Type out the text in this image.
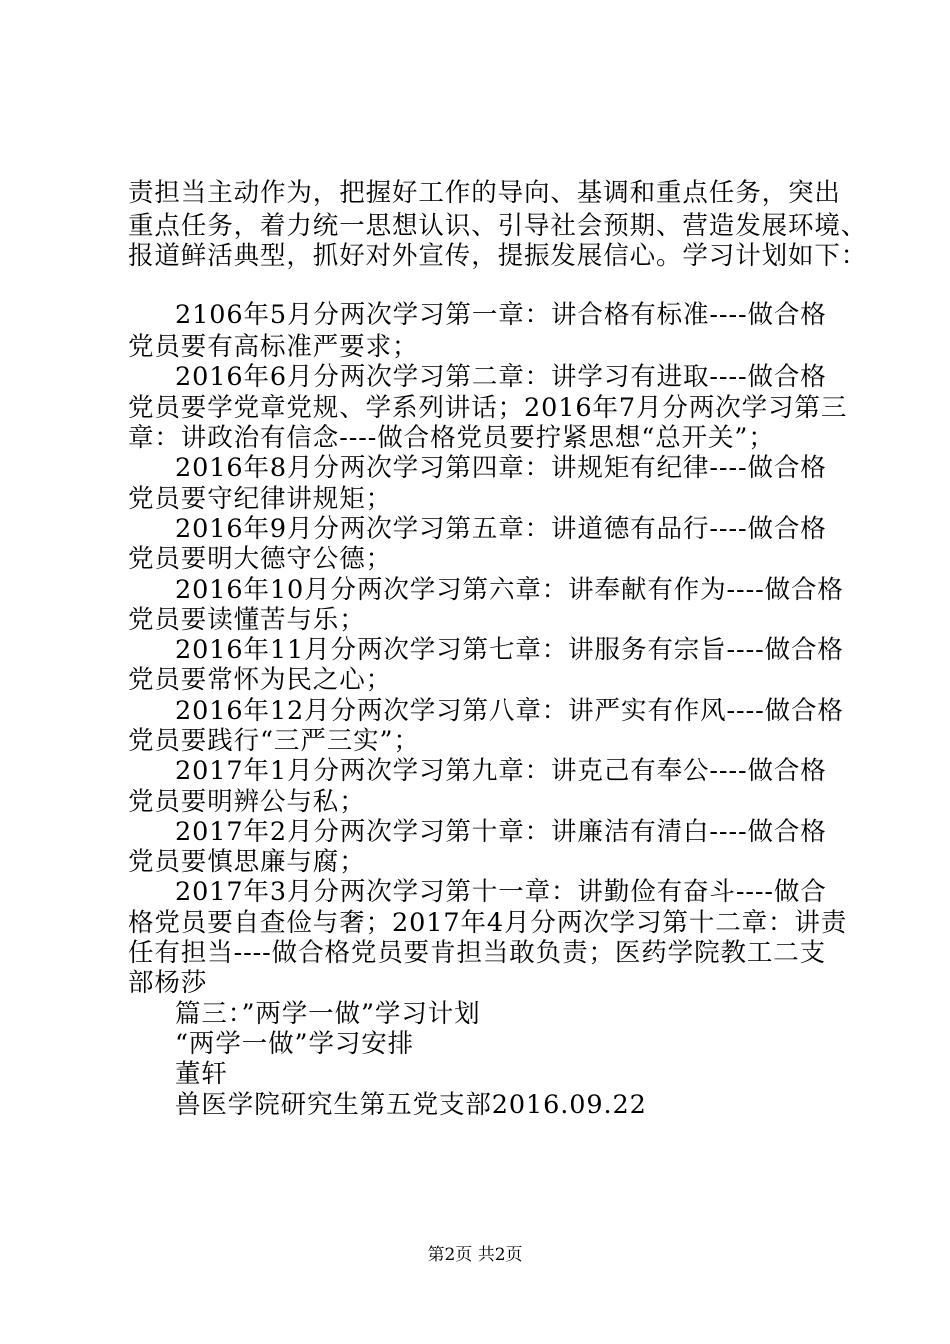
责担当主动作为，把握好工作的导向、基调和重点任务，突出
重点任务，着力统一思想认识、引导社会预期、营造发展环境、
报道鲜活典型，抓好对外宣传，提振发展信心。学习计划如下：
2106年5月分两次学习第一章：讲合格有标准----做合格
党员要有高标准严要求；
2016年6月分两次学习第二章：讲学习有进取----做合格
党员要学党章党规、学系列讲话；2016年7月分两次学习第三
章：讲政治有信念----做合格党员要拧紧思想“总开关”；
2016年8月分两次学习第四章：讲规矩有纪律----做合格
党员要守纪律讲规矩；
2016年9月分两次学习第五章：讲道德有品行----做合格
党员要明大德守公德；
2016年10月分两次学习第六章：讲奉献有作为----做合格
党员要读懂苦与乐；
2016年11月分两次学习第七章：讲服务有宗旨----做合格
党员要常怀为民之心；
2016年12月分两次学习第八章：讲严实有作风----做合格
党员要践行“三严三实”；
2017年1月分两次学习第九章：讲克己有奉公----做合格
党员要明辨公与私；
2017年2月分两次学习第十章：讲廉洁有清白----做合格
党员要慎思廉与腐；
2017年3月分两次学习第十一章：讲勤俭有奋斗----做合
格党员要自查俭与奢；2017年4月分两次学习第十二章：讲责
任有担当----做合格党员要肯担当敢负责；医药学院教工二支
部杨莎
篇三：”两学一做”学习计划
“两学一做”学习安排
董轩
兽医学院研究生第五党支部2016.09.22
第2页 共2页
